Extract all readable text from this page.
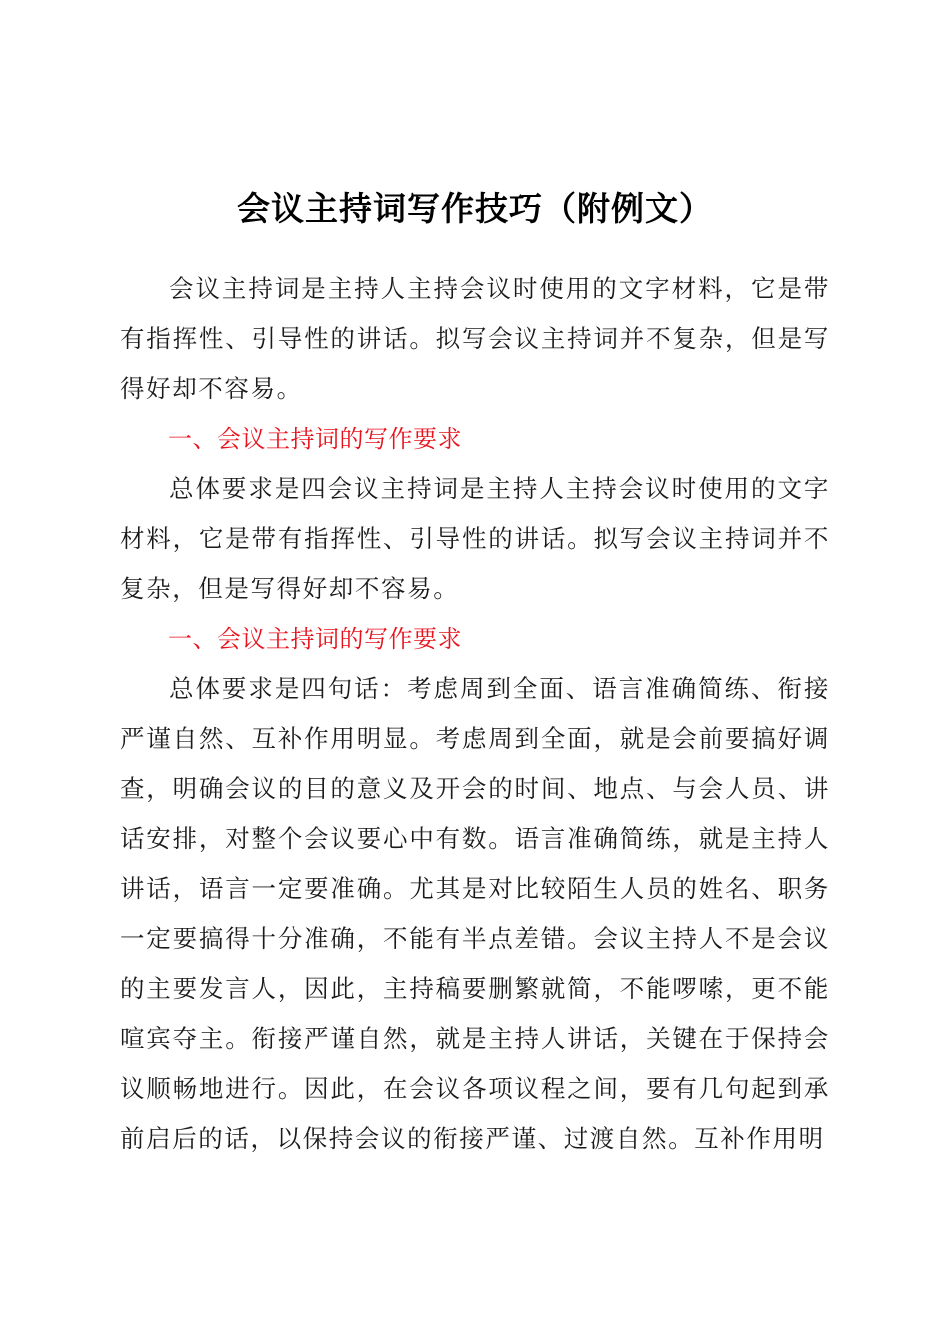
会议主持词写作技巧（附例文）

会议主持词是主持人主持会议时使用的文字材料，它是带有指挥性、引导性的讲话。拟写会议主持词并不复杂，但是写得好却不容易。

一、会议主持词的写作要求

总体要求是四会议主持词是主持人主持会议时使用的文字材料，它是带有指挥性、引导性的讲话。拟写会议主持词并不复杂，但是写得好却不容易。

一、会议主持词的写作要求

总体要求是四句话：考虑周到全面、语言准确简练、衔接严谨自然、互补作用明显。考虑周到全面，就是会前要搞好调查，明确会议的目的意义及开会的时间、地点、与会人员、讲话安排，对整个会议要心中有数。语言准确简练，就是主持人讲话，语言一定要准确。尤其是对比较陌生人员的姓名、职务一定要搞得十分准确，不能有半点差错。会议主持人不是会议的主要发言人，因此，主持稿要删繁就简，不能啰嗦，更不能喧宾夺主。衔接严谨自然，就是主持人讲话，关键在于保持会议顺畅地进行。因此，在会议各项议程之间，要有几句起到承前启后的话，以保持会议的衔接严谨、过渡自然。互补作用明
